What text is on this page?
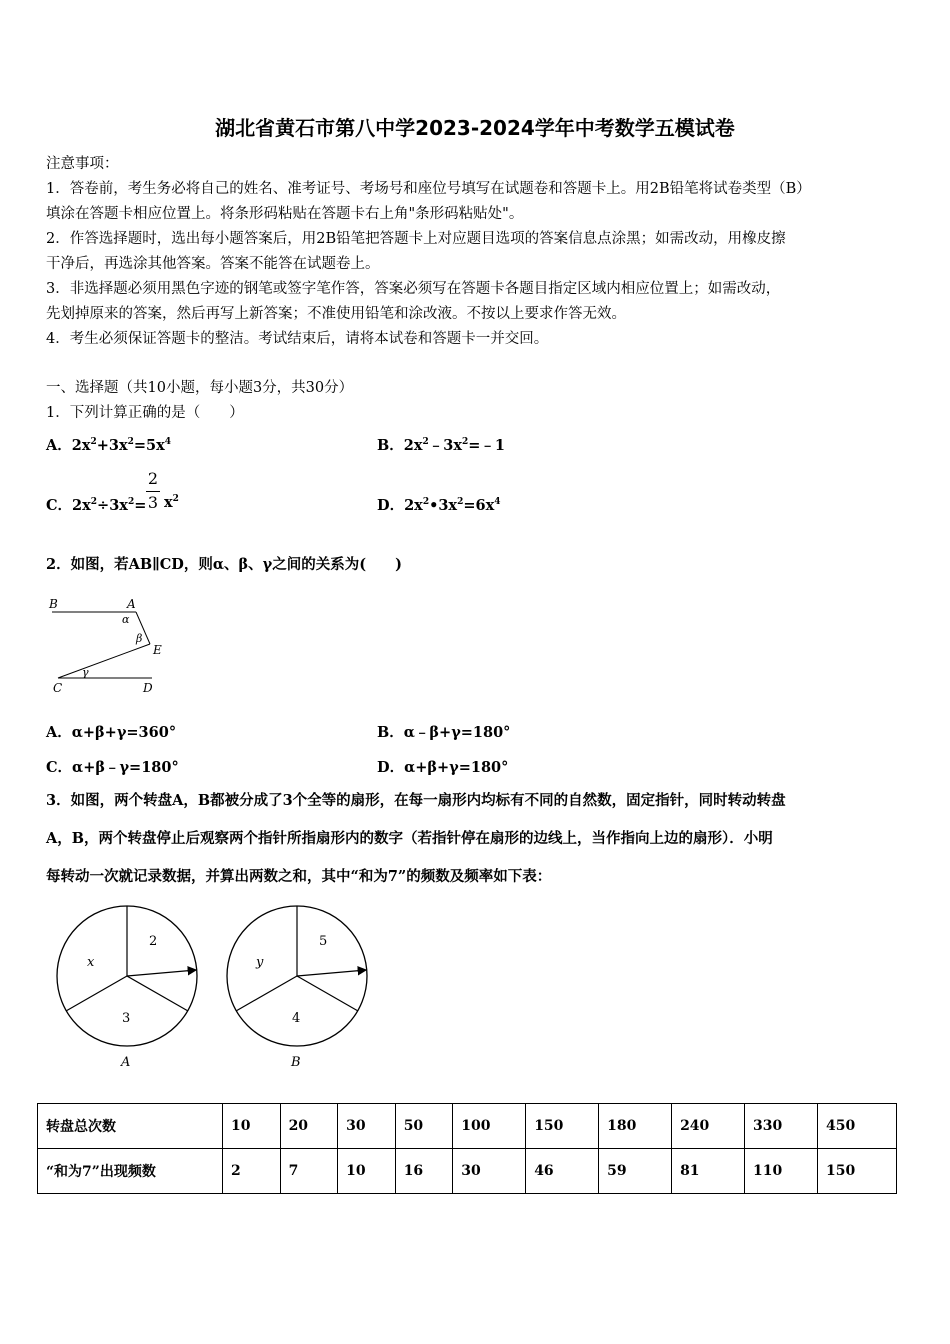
湖北省黄石市第八中学2023-2024学年中考数学五模试卷
注意事项：
1．答卷前，考生务必将自己的姓名、准考证号、考场号和座位号填写在试题卷和答题卡上。用2B铅笔将试卷类型（B）
填涂在答题卡相应位置上。将条形码粘贴在答题卡右上角"条形码粘贴处"。
2．作答选择题时，选出每小题答案后，用2B铅笔把答题卡上对应题目选项的答案信息点涂黑；如需改动，用橡皮擦
干净后，再选涂其他答案。答案不能答在试题卷上。
3．非选择题必须用黑色字迹的钢笔或签字笔作答，答案必须写在答题卡各题目指定区域内相应位置上；如需改动，
先划掉原来的答案，然后再写上新答案；不准使用铅笔和涂改液。不按以上要求作答无效。
4．考生必须保证答题卡的整洁。考试结束后，请将本试卷和答题卡一并交回。
一、选择题（共10小题，每小题3分，共30分）
1．下列计算正确的是（　　）
A．$2x^2+3x^2=5x^4$	B．$2x^2﹣3x^2=﹣1$
C．$2x^2\div 3x^2=$
2
3 $x^2$	D．$2x^2•3x^2=6x^4$
2．如图，若AB∥CD，则α、β、γ之间的关系为(　　)
B	A
α
β
E
C
γ
D
A．α+β+γ=360°	B．α﹣β+γ=180°
C．α+β﹣γ=180°	D．α+β+γ=180°
3．如图，两个转盘A，B都被分成了3个全等的扇形，在每一扇形内均标有不同的自然数，固定指针，同时转动转盘
A，B，两个转盘停止后观察两个指针所指扇形内的数字（若指针停在扇形的边线上，当作指向上边的扇形）．小明
每转动一次就记录数据，并算出两数之和，其中“和为7”的频数及频率如下表：
2
x
3
A
5
y
4
B
转盘总次数	10	20	30	50	100	150	180	240	330	450
“和为7”出现频数	2	7	10	16	30	46	59	81	110	150
